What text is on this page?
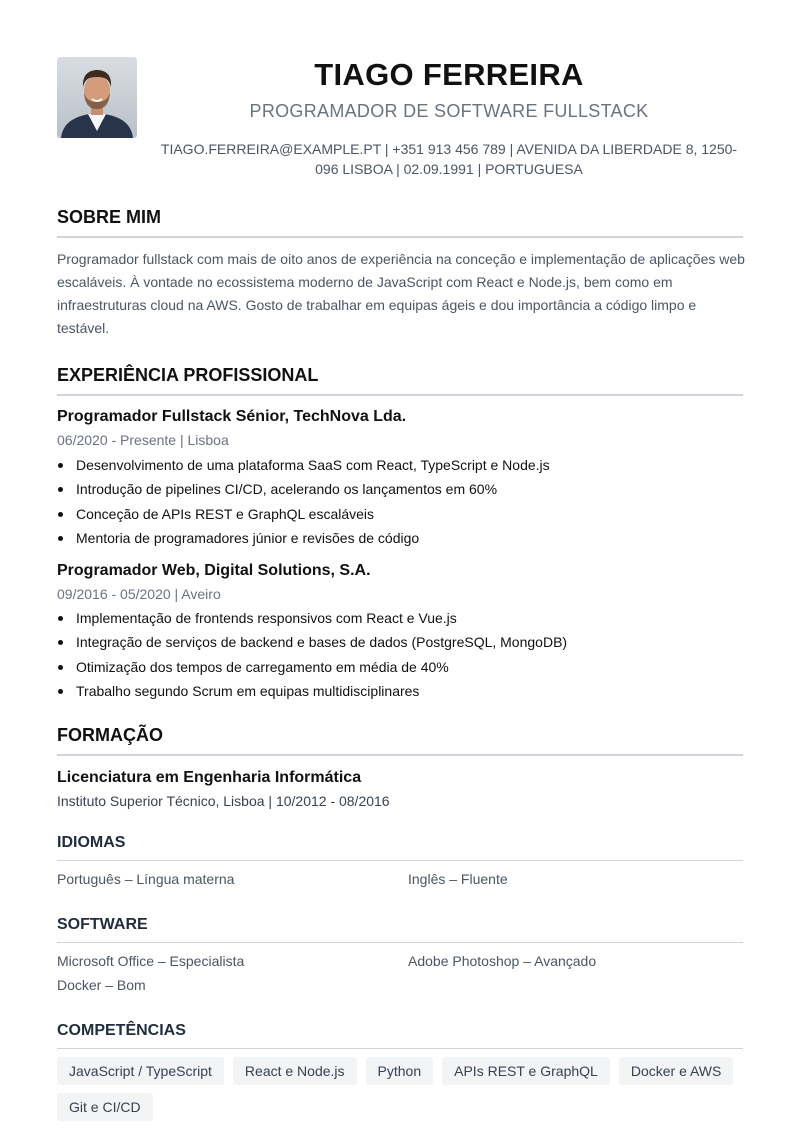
TIAGO FERREIRA
PROGRAMADOR DE SOFTWARE FULLSTACK
TIAGO.FERREIRA@EXAMPLE.PT | +351 913 456 789 | AVENIDA DA LIBERDADE 8, 1250-
096 LISBOA | 02.09.1991 | PORTUGUESA
SOBRE MIM
Programador fullstack com mais de oito anos de experiência na conceção e implementação de aplicações web escaláveis. À vontade no ecossistema moderno de JavaScript com React e Node.js, bem como em infraestruturas cloud na AWS. Gosto de trabalhar em equipas ágeis e dou importância a código limpo e testável.
EXPERIÊNCIA PROFISSIONAL
Programador Fullstack Sénior, TechNova Lda.
06/2020 - Presente | Lisboa
Desenvolvimento de uma plataforma SaaS com React, TypeScript e Node.js
Introdução de pipelines CI/CD, acelerando os lançamentos em 60%
Conceção de APIs REST e GraphQL escaláveis
Mentoria de programadores júnior e revisões de código
Programador Web, Digital Solutions, S.A.
09/2016 - 05/2020 | Aveiro
Implementação de frontends responsivos com React e Vue.js
Integração de serviços de backend e bases de dados (PostgreSQL, MongoDB)
Otimização dos tempos de carregamento em média de 40%
Trabalho segundo Scrum em equipas multidisciplinares
FORMAÇÃO
Licenciatura em Engenharia Informática
Instituto Superior Técnico, Lisboa | 10/2012 - 08/2016
IDIOMAS
Português – Língua materna	Inglês – Fluente
SOFTWARE
Microsoft Office – Especialista	Adobe Photoshop – Avançado
Docker – Bom
COMPETÊNCIAS
JavaScript / TypeScript	React e Node.js	Python	APIs REST e GraphQL	Docker e AWS
Git e CI/CD
